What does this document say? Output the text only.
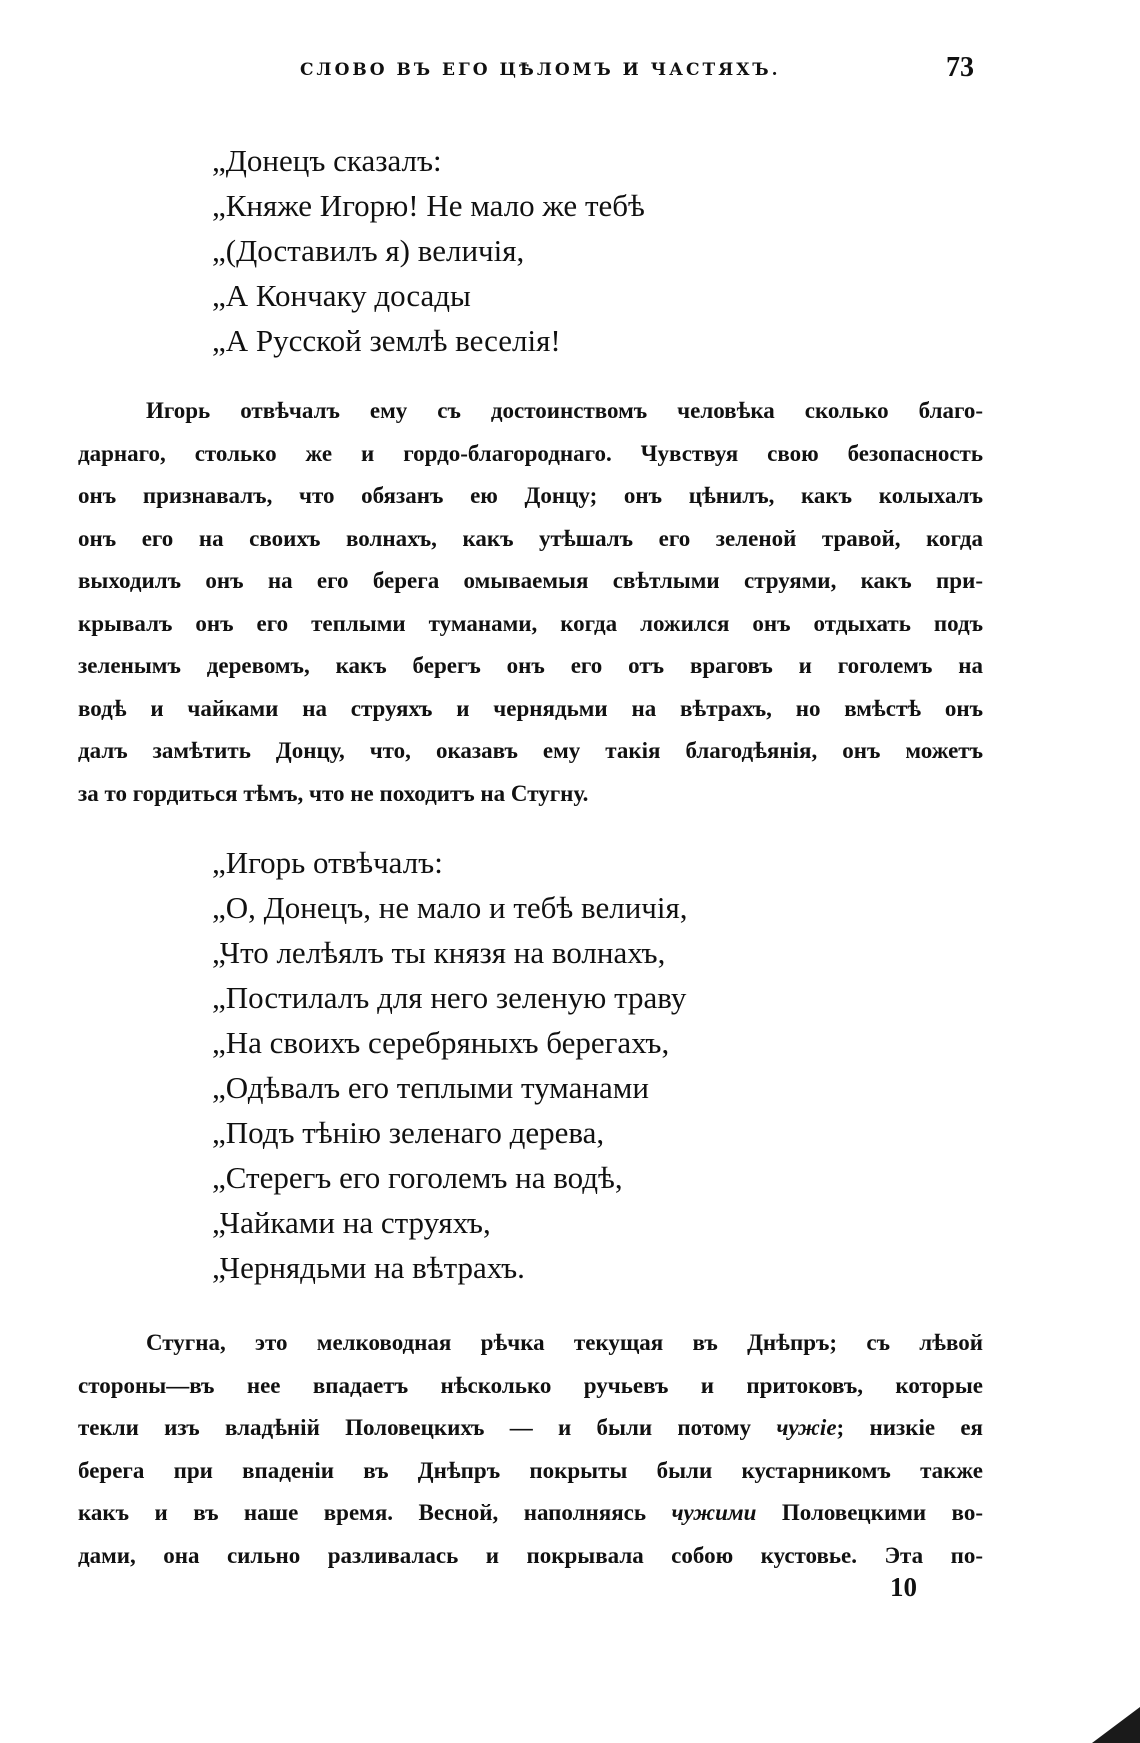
СЛОВО ВЪ ЕГО ЦѢЛОМЪ И ЧАСТЯХЪ.	73
„Донецъ сказалъ:
„Княже Игорю! Не мало же тебѣ
„(Доставилъ я) величія,
„А Кончаку досады
„А Русской землѣ веселія!
Игорь отвѣчалъ ему съ достоинствомъ человѣка сколько благо-
дарнаго, столько же и гордо-благороднаго. Чувствуя свою безопасность
онъ признавалъ, что обязанъ ею Донцу; онъ цѣнилъ, какъ колыхалъ
онъ его на своихъ волнахъ, какъ утѣшалъ его зеленой травой, когда
выходилъ онъ на его берега омываемыя свѣтлыми струями, какъ при-
крывалъ онъ его теплыми туманами, когда ложился онъ отдыхать подъ
зеленымъ деревомъ, какъ берегъ онъ его отъ враговъ и гоголемъ на
водѣ и чайками на струяхъ и чернядьми на вѣтрахъ, но вмѣстѣ онъ
далъ замѣтить Донцу, что, оказавъ ему такія благодѣянія, онъ можетъ
за то гордиться тѣмъ, что не походитъ на Стугну.
„Игорь отвѣчалъ:
„О, Донецъ, не мало и тебѣ величія,
„Что лелѣялъ ты князя на волнахъ,
„Постилалъ для него зеленую траву
„На своихъ серебряныхъ берегахъ,
„Одѣвалъ его теплыми туманами
„Подъ тѣнію зеленаго дерева,
„Стерегъ его гоголемъ на водѣ,
„Чайками на струяхъ,
„Чернядьми на вѣтрахъ.
Стугна, это мелководная рѣчка текущая въ Днѣпръ; съ лѣвой
стороны—въ нее впадаетъ нѣсколько ручьевъ и притоковъ, которые
текли изъ владѣній Половецкихъ — и были потому чужіе; низкіе ея
берега при впаденіи въ Днѣпръ покрыты были кустарникомъ также
какъ и въ наше время. Весной, наполняясь чужими Половецкими во-
дами, она сильно разливалась и покрывала собою кустовье. Эта по-
10
